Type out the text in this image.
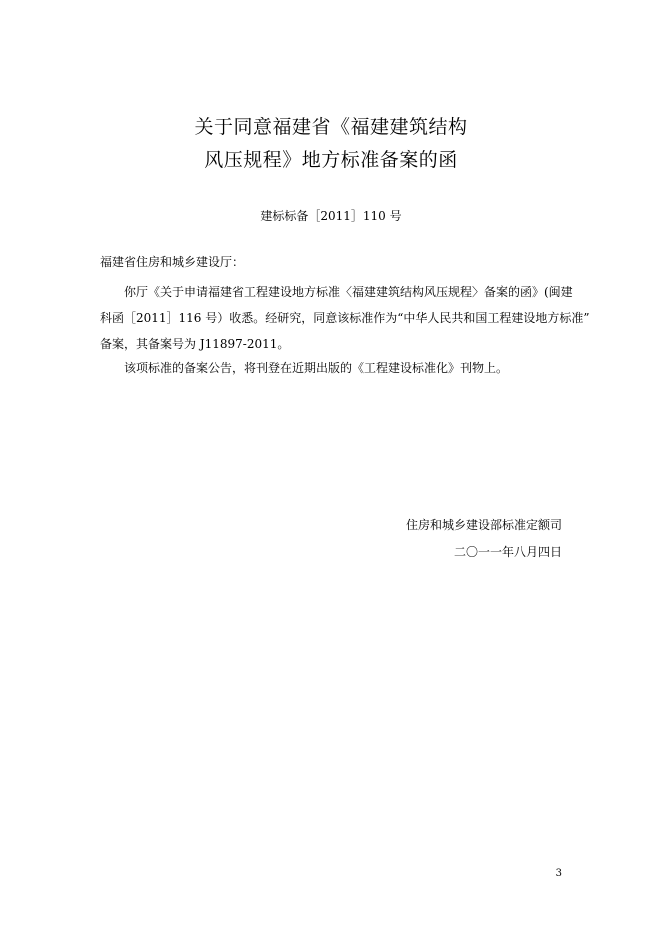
关于同意福建省《福建建筑结构
风压规程》地方标准备案的函
建标标备［2011］110 号
福建省住房和城乡建设厅：
你厅《关于申请福建省工程建设地方标准〈福建建筑结构风压规程〉备案的函》(闽建
科函［2011］116 号）收悉。经研究，同意该标准作为“中华人民共和国工程建设地方标准”
备案，其备案号为 J11897-2011。
该项标准的备案公告，将刊登在近期出版的《工程建设标准化》刊物上。
住房和城乡建设部标准定额司
二〇一一年八月四日
3
